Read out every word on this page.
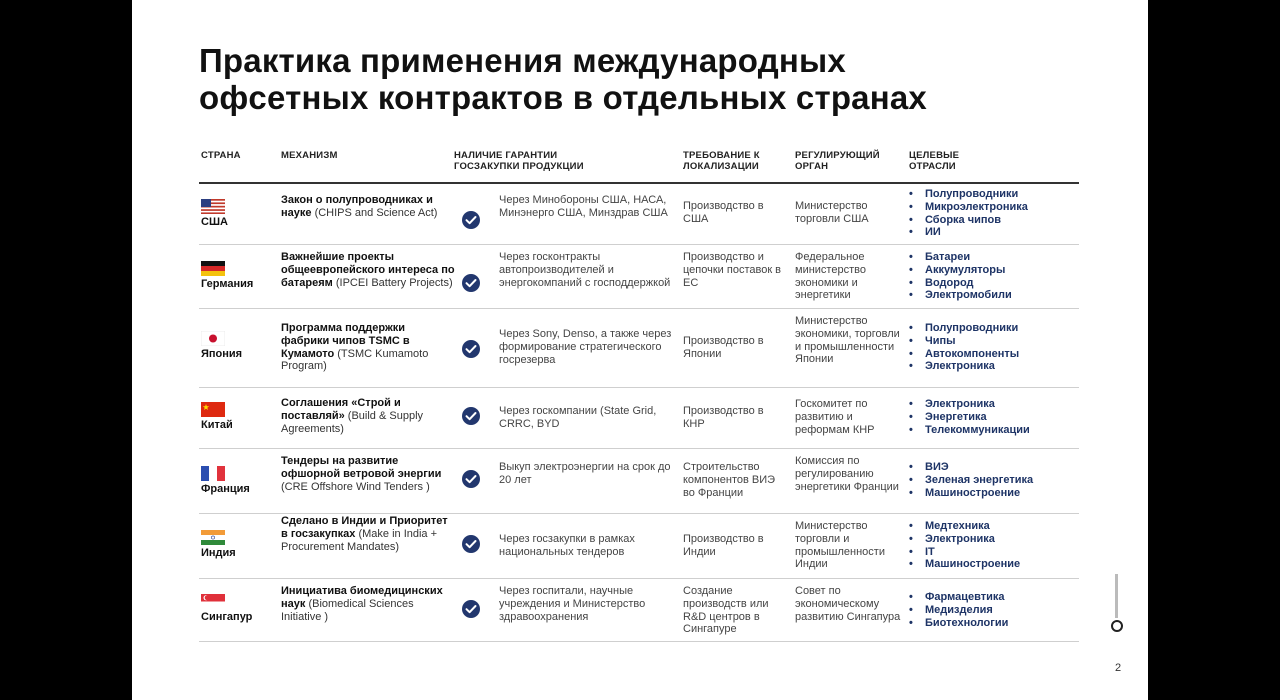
Практика применения международных
офсетных контрактов в отдельных странах
СТРАНА	МЕХАНИЗМ	НАЛИЧИЕ ГАРАНТИИ ГОСЗАКУПКИ ПРОДУКЦИИ
ТРЕБОВАНИЕ К ЛОКАЛИЗАЦИИ
РЕГУЛИРУЮЩИЙ ОРГАН
ЦЕЛЕВЫЕ ОТРАСЛИ
США
Закон о полупроводниках и науке (CHIPS and Science Act)
Через Минобороны США, НАСА, Минэнерго США, Минздрав США
Производство в США
Министерство торговли США
• Полупроводники
• Микроэлектроника
• Сборка чипов
• ИИ
Германия
Важнейшие проекты общеевропейского интереса по батареям (IPCEI Battery Projects)
Через госконтракты автопроизводителей и энергокомпаний с господдержкой
Производство и цепочки поставок в ЕС
Федеральное министерство экономики и энергетики
• Батареи
• Аккумуляторы
• Водород
• Электромобили
Япония
Программа поддержки фабрики чипов TSMC в Кумамото (TSMC Kumamoto Program)
Через Sony, Denso, а также через формирование стратегического госрезерва
Производство в Японии
Министерство экономики, торговли и промышленности Японии
• Полупроводники
• Чипы
• Автокомпоненты
• Электроника
Китай
Соглашения «Строй и поставляй» (Build & Supply Agreements)
Через госкомпании (State Grid, CRRC, BYD
Производство в КНР
Госкомитет по развитию и реформам КНР
• Электроника
• Энергетика
• Телекоммуникации
Франция
Тендеры на развитие офшорной ветровой энергии (CRE Offshore Wind Tenders )
Выкуп электроэнергии на срок до 20 лет
Строительство компонентов ВИЭ во Франции
Комиссия по регулированию энергетики Франции
• ВИЭ
• Зеленая энергетика
• Машиностроение
Индия
Сделано в Индии и Приоритет в госзакупках (Make in India + Procurement Mandates)
Через госзакупки в рамках национальных тендеров
Производство в Индии
Министерство торговли и промышленности Индии
• Медтехника
• Электроника
• IT
• Машиностроение
Сингапур
Инициатива биомедицинских наук (Biomedical Sciences Initiative )
Через госпитали, научные учреждения и Министерство здравоохранения
Создание производств или R&D центров в Сингапуре
Совет по экономическому развитию Сингапура
• Фармацевтика
• Медизделия
• Биотехнологии
2
